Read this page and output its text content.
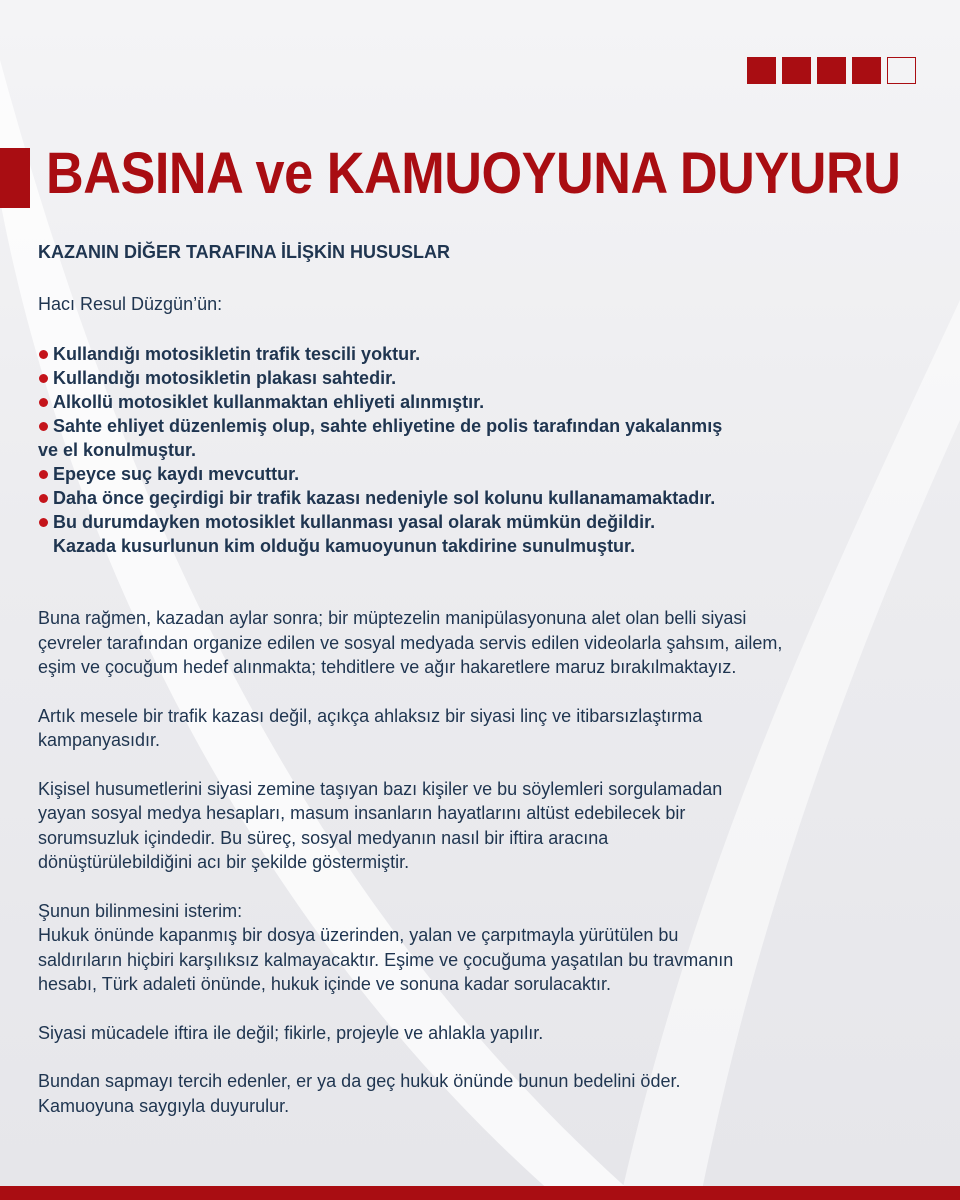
BASINA ve KAMUOYUNA DUYURU
KAZANIN DİĞER TARAFINA İLİŞKİN HUSUSLAR
Hacı Resul Düzgün’ün:
Kullandığı motosikletin trafik tescili yoktur.
Kullandığı motosikletin plakası sahtedir.
Alkollü motosiklet kullanmaktan ehliyeti alınmıştır.
Sahte ehliyet düzenlemiş olup, sahte ehliyetine de polis tarafından yakalanmış
ve el konulmuştur.
Epeyce suç kaydı mevcuttur.
Daha önce geçirdigi bir trafik kazası nedeniyle sol kolunu kullanamamaktadır.
Bu durumdayken motosiklet kullanması yasal olarak mümkün değildir.
Kazada kusurlunun kim olduğu kamuoyunun takdirine sunulmuştur.

Buna rağmen, kazadan aylar sonra; bir müptezelin manipülasyonuna alet olan belli siyasi
çevreler tarafından organize edilen ve sosyal medyada servis edilen videolarla şahsım, ailem,
eşim ve çocuğum hedef alınmakta; tehditlere ve ağır hakaretlere maruz bırakılmaktayız.

Artık mesele bir trafik kazası değil, açıkça ahlaksız bir siyasi linç ve itibarsızlaştırma
kampanyasıdır.

Kişisel husumetlerini siyasi zemine taşıyan bazı kişiler ve bu söylemleri sorgulamadan
yayan sosyal medya hesapları, masum insanların hayatlarını altüst edebilecek bir
sorumsuzluk içindedir. Bu süreç, sosyal medyanın nasıl bir iftira aracına
dönüştürülebildiğini acı bir şekilde göstermiştir.

Şunun bilinmesini isterim:
Hukuk önünde kapanmış bir dosya üzerinden, yalan ve çarpıtmayla yürütülen bu
saldırıların hiçbiri karşılıksız kalmayacaktır. Eşime ve çocuğuma yaşatılan bu travmanın
hesabı, Türk adaleti önünde, hukuk içinde ve sonuna kadar sorulacaktır.

Siyasi mücadele iftira ile değil; fikirle, projeyle ve ahlakla yapılır.

Bundan sapmayı tercih edenler, er ya da geç hukuk önünde bunun bedelini öder.
Kamuoyuna saygıyla duyurulur.
